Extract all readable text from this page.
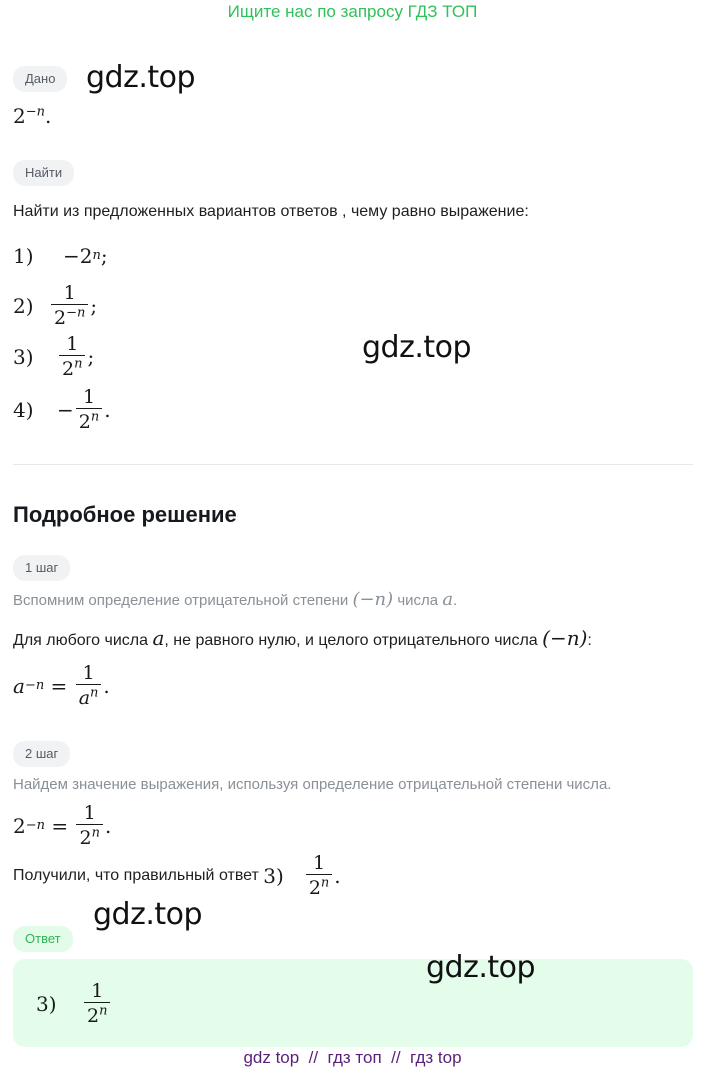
Ищите нас по запросу ГДЗ ТОП
Дано	gdz.top
$2^{-n}$.
Найти
Найти из предложенных вариантов ответов , чему равно выражение:
1)	− 2 n ;
$2) \frac{1}{2^{-n}}$ ;
3)	$\frac{1}{2^n}$ ;	gdz.top
4)	− $\frac{1}{2^n}$ .
Подробное решение
1 шаг
Вспомним определение отрицательной степени (−n) числа a.
Для любого числа a, не равного нулю, и целого отрицательного числа (−n):
$a -n = \frac{1}{a^n}$ .
2 шаг
Найдем значение выражения, используя определение отрицательной степени числа.
$2 -n = \frac{1}{2^n}$ .
Получили, что правильный ответ $3) \frac{1}{2^n}$ .
gdz.top
Ответ
gdz.top
3)	$\frac{1}{2^n}$
gdz top  //  гдз топ  //  гдз top
